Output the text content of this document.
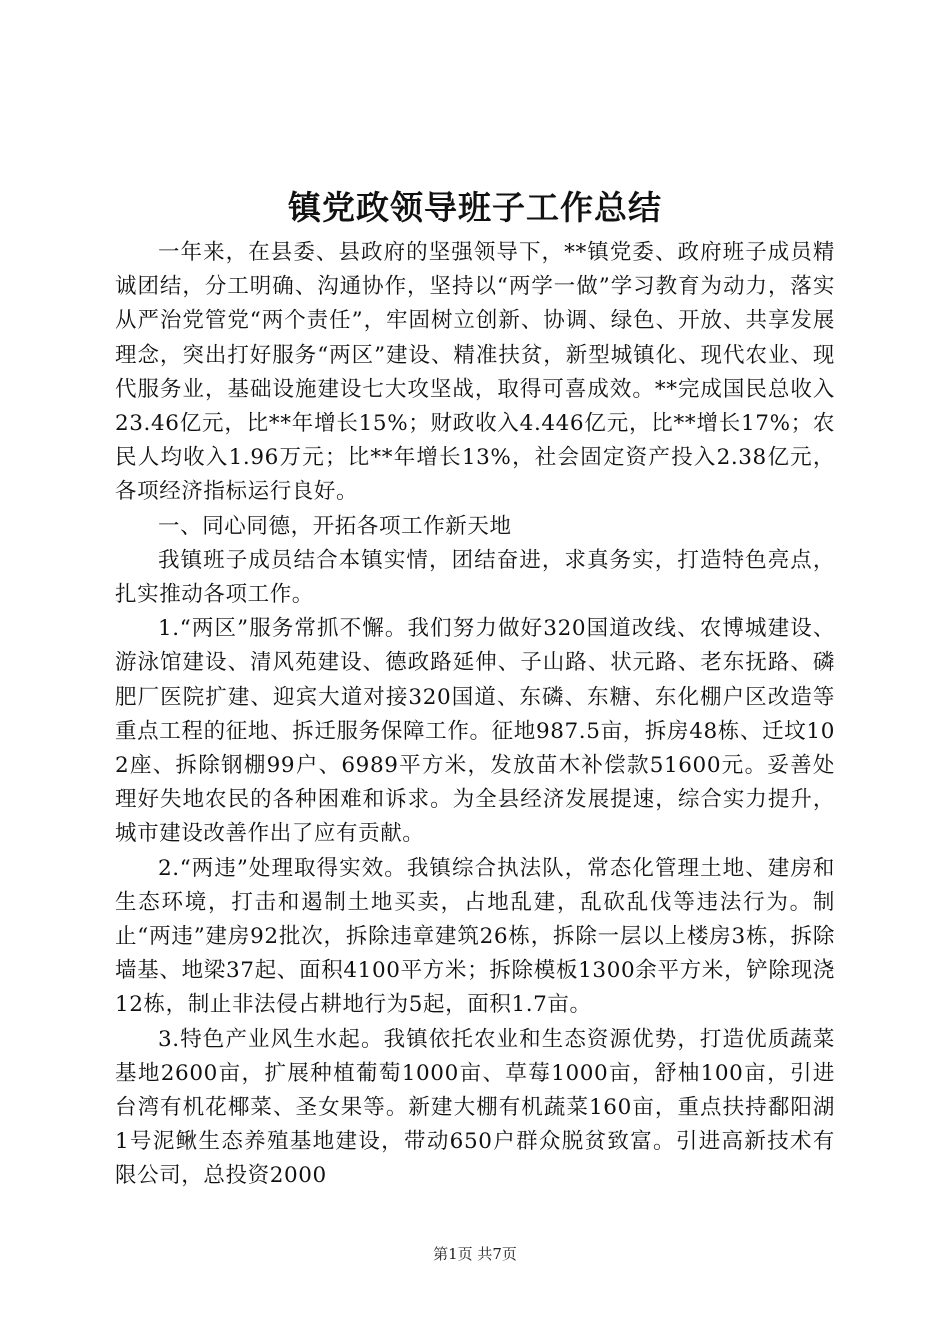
镇党政领导班子工作总结

一年来，在县委、县政府的坚强领导下，**镇党委、政府班子成员精诚团结，分工明确、沟通协作，坚持以“两学一做”学习教育为动力，落实从严治党管党“两个责任”，牢固树立创新、协调、绿色、开放、共享发展理念，突出打好服务“两区”建设、精准扶贫，新型城镇化、现代农业、现代服务业，基础设施建设七大攻坚战，取得可喜成效。**完成国民总收入23.46亿元，比**年增长15%；财政收入4.446亿元，比**增长17%；农民人均收入1.96万元；比**年增长13%，社会固定资产投入2.38亿元，各项经济指标运行良好。

一、同心同德，开拓各项工作新天地

我镇班子成员结合本镇实情，团结奋进，求真务实，打造特色亮点，扎实推动各项工作。

1.“两区”服务常抓不懈。我们努力做好320国道改线、农博城建设、游泳馆建设、清风苑建设、德政路延伸、子山路、状元路、老东抚路、磷肥厂医院扩建、迎宾大道对接320国道、东磷、东糖、东化棚户区改造等重点工程的征地、拆迁服务保障工作。征地987.5亩，拆房48栋、迁坟102座、拆除钢棚99户、6989平方米，发放苗木补偿款51600元。妥善处理好失地农民的各种困难和诉求。为全县经济发展提速，综合实力提升，城市建设改善作出了应有贡献。

2.“两违”处理取得实效。我镇综合执法队，常态化管理土地、建房和生态环境，打击和遏制土地买卖，占地乱建，乱砍乱伐等违法行为。制止“两违”建房92批次，拆除违章建筑26栋，拆除一层以上楼房3栋，拆除墙基、地梁37起、面积4100平方米；拆除模板1300余平方米，铲除现浇12栋，制止非法侵占耕地行为5起，面积1.7亩。

3.特色产业风生水起。我镇依托农业和生态资源优势，打造优质蔬菜基地2600亩，扩展种植葡萄1000亩、草莓1000亩，舒柚100亩，引进台湾有机花椰菜、圣女果等。新建大棚有机蔬菜160亩，重点扶持鄱阳湖1号泥鳅生态养殖基地建设，带动650户群众脱贫致富。引进高新技术有限公司，总投资2000

第1页 共7页
